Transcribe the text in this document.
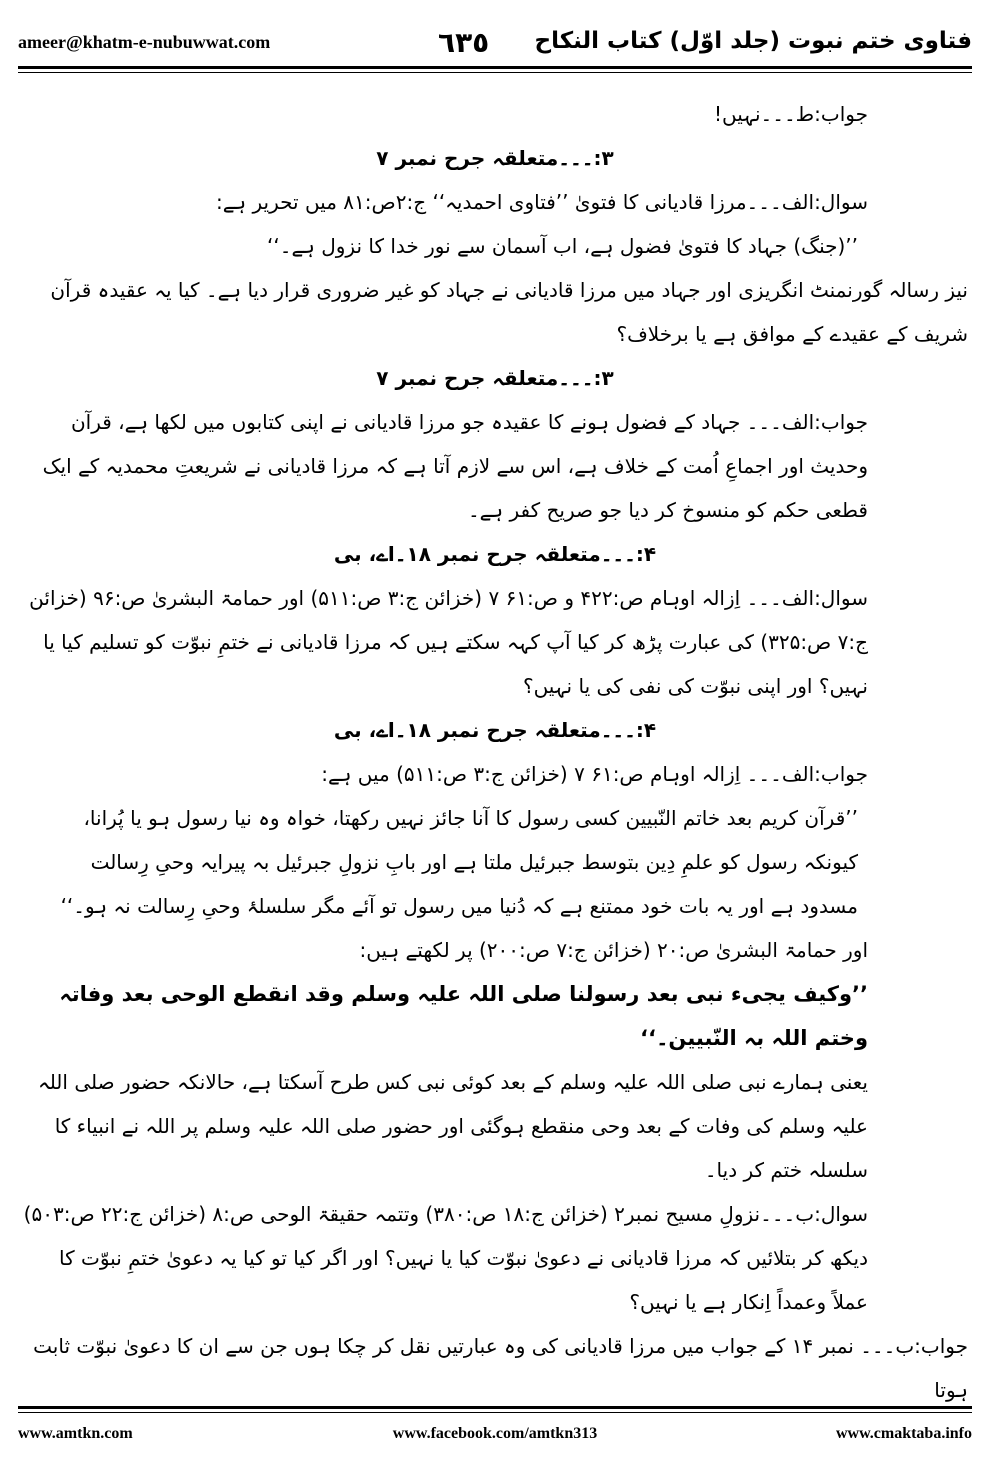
ameer@khatm-e-nubuwwat.com	٦٣٥ فتاوی ختم نبوت (جلد اوّل) کتاب النکاح

جواب:ط۔۔۔نہیں!

۳:۔۔۔متعلقہ جرح نمبر ۷

سوال:الف۔۔۔مرزا قادیانی کا فتویٰ ’’فتاوی احمدیہ‘‘ ج:۲ص:۸۱ میں تحریر ہے:

’’(جنگ) جہاد کا فتویٰ فضول ہے، اب آسمان سے نور خدا کا نزول ہے۔‘‘

نیز رسالہ گورنمنٹ انگریزی اور جہاد میں مرزا قادیانی نے جہاد کو غیر ضروری قرار دیا ہے۔ کیا یہ عقیدہ قرآن شریف کے عقیدے کے موافق ہے یا برخلاف؟

۳:۔۔۔متعلقہ جرح نمبر ۷

جواب:الف۔۔۔ جہاد کے فضول ہونے کا عقیدہ جو مرزا قادیانی نے اپنی کتابوں میں لکھا ہے، قرآن وحدیث اور اجماعِ اُمت کے خلاف ہے، اس سے لازم آتا ہے کہ مرزا قادیانی نے شریعتِ محمدیہ کے ایک قطعی حکم کو منسوخ کر دیا جو صریح کفر ہے۔

۴:۔۔۔متعلقہ جرح نمبر ۱۸۔اے، بی

سوال:الف۔۔۔ اِزالہ اوہام ص:۴۲۲ و ص:۶۱ ۷ (خزائن ج:۳ ص:۵۱۱) اور حمامۃ البشریٰ ص:۹۶ (خزائن ج:۷ ص:۳۲۵) کی عبارت پڑھ کر کیا آپ کہہ سکتے ہیں کہ مرزا قادیانی نے ختمِ نبوّت کو تسلیم کیا یا نہیں؟ اور اپنی نبوّت کی نفی کی یا نہیں؟

۴:۔۔۔متعلقہ جرح نمبر ۱۸۔اے، بی

جواب:الف۔۔۔ اِزالہ اوہام ص:۶۱ ۷ (خزائن ج:۳ ص:۵۱۱) میں ہے:

’’قرآن کریم بعد خاتم النّبیین کسی رسول کا آنا جائز نہیں رکھتا، خواہ وہ نیا رسول ہو یا پُرانا، کیونکہ رسول کو علمِ دِین بتوسط جبرئیل ملتا ہے اور بابِ نزولِ جبرئیل بہ پیرایہ وحیِ رِسالت مسدود ہے اور یہ بات خود ممتنع ہے کہ دُنیا میں رسول تو آئے مگر سلسلۂ وحیِ رِسالت نہ ہو۔‘‘

اور حمامۃ البشریٰ ص:۲۰ (خزائن ج:۷ ص:۲۰۰) پر لکھتے ہیں:

’’وکیف یجیء نبی بعد رسولنا صلی اللہ علیہ وسلم وقد انقطع الوحی بعد وفاتہ وختم اللہ بہ النّبیین۔‘‘

یعنی ہمارے نبی صلی اللہ علیہ وسلم کے بعد کوئی نبی کس طرح آسکتا ہے، حالانکہ حضور صلی اللہ علیہ وسلم کی وفات کے بعد وحی منقطع ہوگئی اور حضور صلی اللہ علیہ وسلم پر اللہ نے انبیاء کا سلسلہ ختم کر دیا۔

سوال:ب۔۔۔نزولِ مسیح نمبر۲ (خزائن ج:۱۸ ص:۳۸۰) وتتمہ حقیقۃ الوحی ص:۸ (خزائن ج:۲۲ ص:۵۰۳) دیکھ کر بتلائیں کہ مرزا قادیانی نے دعویٰ نبوّت کیا یا نہیں؟ اور اگر کیا تو کیا یہ دعویٰ ختمِ نبوّت کا عملاً وعمداً اِنکار ہے یا نہیں؟

جواب:ب۔۔۔ نمبر ۱۴ کے جواب میں مرزا قادیانی کی وہ عبارتیں نقل کر چکا ہوں جن سے ان کا دعویٰ نبوّت ثابت ہوتا

www.amtkn.com	www.facebook.com/amtkn313	www.cmaktaba.info
